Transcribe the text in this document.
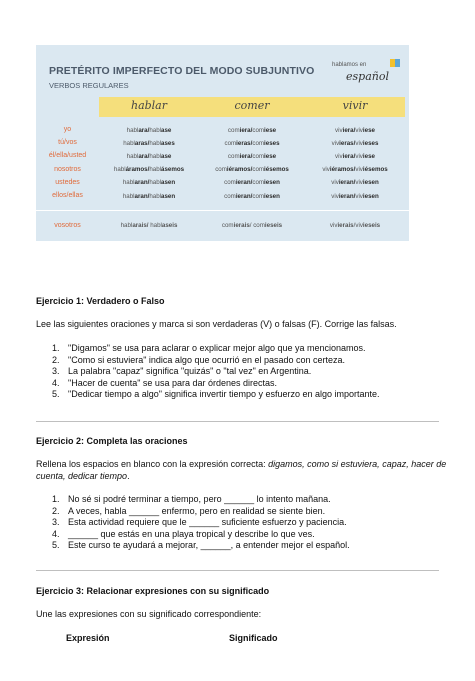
PRETÉRITO IMPERFECTO DEL MODO SUBJUNTIVO
VERBOS REGULARES
hablamos en
español
hablar	comer	vivir
yo	hablara/hablase	comiera/comiese	viviera/viviese
tú/vos	hablaras/hablases	comieras/comieses	vivieras/vivieses
él/ella/usted	hablara/hablase	comiera/comiese	viviera/viviese
nosotros	habláramos/hablásemos	comiéramos/comiésemos	viviéramos/viviésemos
ustedes	hablaran/hablasen	comieran/comiesen	vivieran/viviesen
ellos/ellas	hablaran/hablasen	comieran/comiesen	vivieran/viviesen
vosotros	hablarais/ hablaseis	comierais/ comieseis	vivierais/vivieseis
Ejercicio 1: Verdadero o Falso
Lee las siguientes oraciones y marca si son verdaderas (V) o falsas (F). Corrige las falsas.
1. "Digamos" se usa para aclarar o explicar mejor algo que ya mencionamos.
2. "Como si estuviera" indica algo que ocurrió en el pasado con certeza.
3. La palabra "capaz" significa "quizás" o "tal vez" en Argentina.
4. "Hacer de cuenta" se usa para dar órdenes directas.
5. "Dedicar tiempo a algo" significa invertir tiempo y esfuerzo en algo importante.
Ejercicio 2: Completa las oraciones
Rellena los espacios en blanco con la expresión correcta: digamos, como si estuviera, capaz, hacer de cuenta, dedicar tiempo.
1. No sé si podré terminar a tiempo, pero ______ lo intento mañana.
2. A veces, habla ______ enfermo, pero en realidad se siente bien.
3. Esta actividad requiere que le ______ suficiente esfuerzo y paciencia.
4. ______ que estás en una playa tropical y describe lo que ves.
5. Este curso te ayudará a mejorar, ______, a entender mejor el español.
Ejercicio 3: Relacionar expresiones con su significado
Une las expresiones con su significado correspondiente:
Expresión	Significado
